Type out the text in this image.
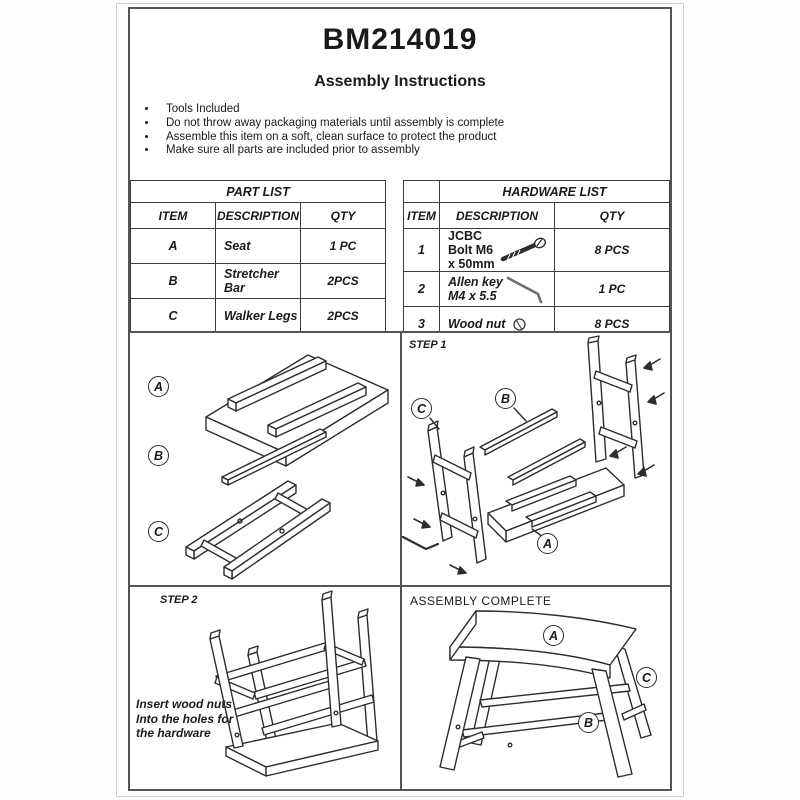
BM214019
Assembly Instructions
• Tools Included
• Do not throw away packaging materials until assembly is complete
• Assemble this item on a soft, clean surface to protect the product
• Make sure all parts are included prior to assembly
PART LIST		
ITEM	DESCRIPTION	QTY
A	Seat	1 PC
B	Stretcher Bar	2PCS
C	Walker Legs	2PCS
	HARDWARE LIST	
ITEM	DESCRIPTION	QTY
1	JCBC Bolt M6 x 50mm	8 PCS
2	Allen key M4 x 5.5	1 PC
3	Wood nut	8 PCS
A
B
C
STEP 1
C
B
A
STEP 2
Insert wood nuts
Into the holes for
the hardware
ASSEMBLY COMPLETE
A
B
C
